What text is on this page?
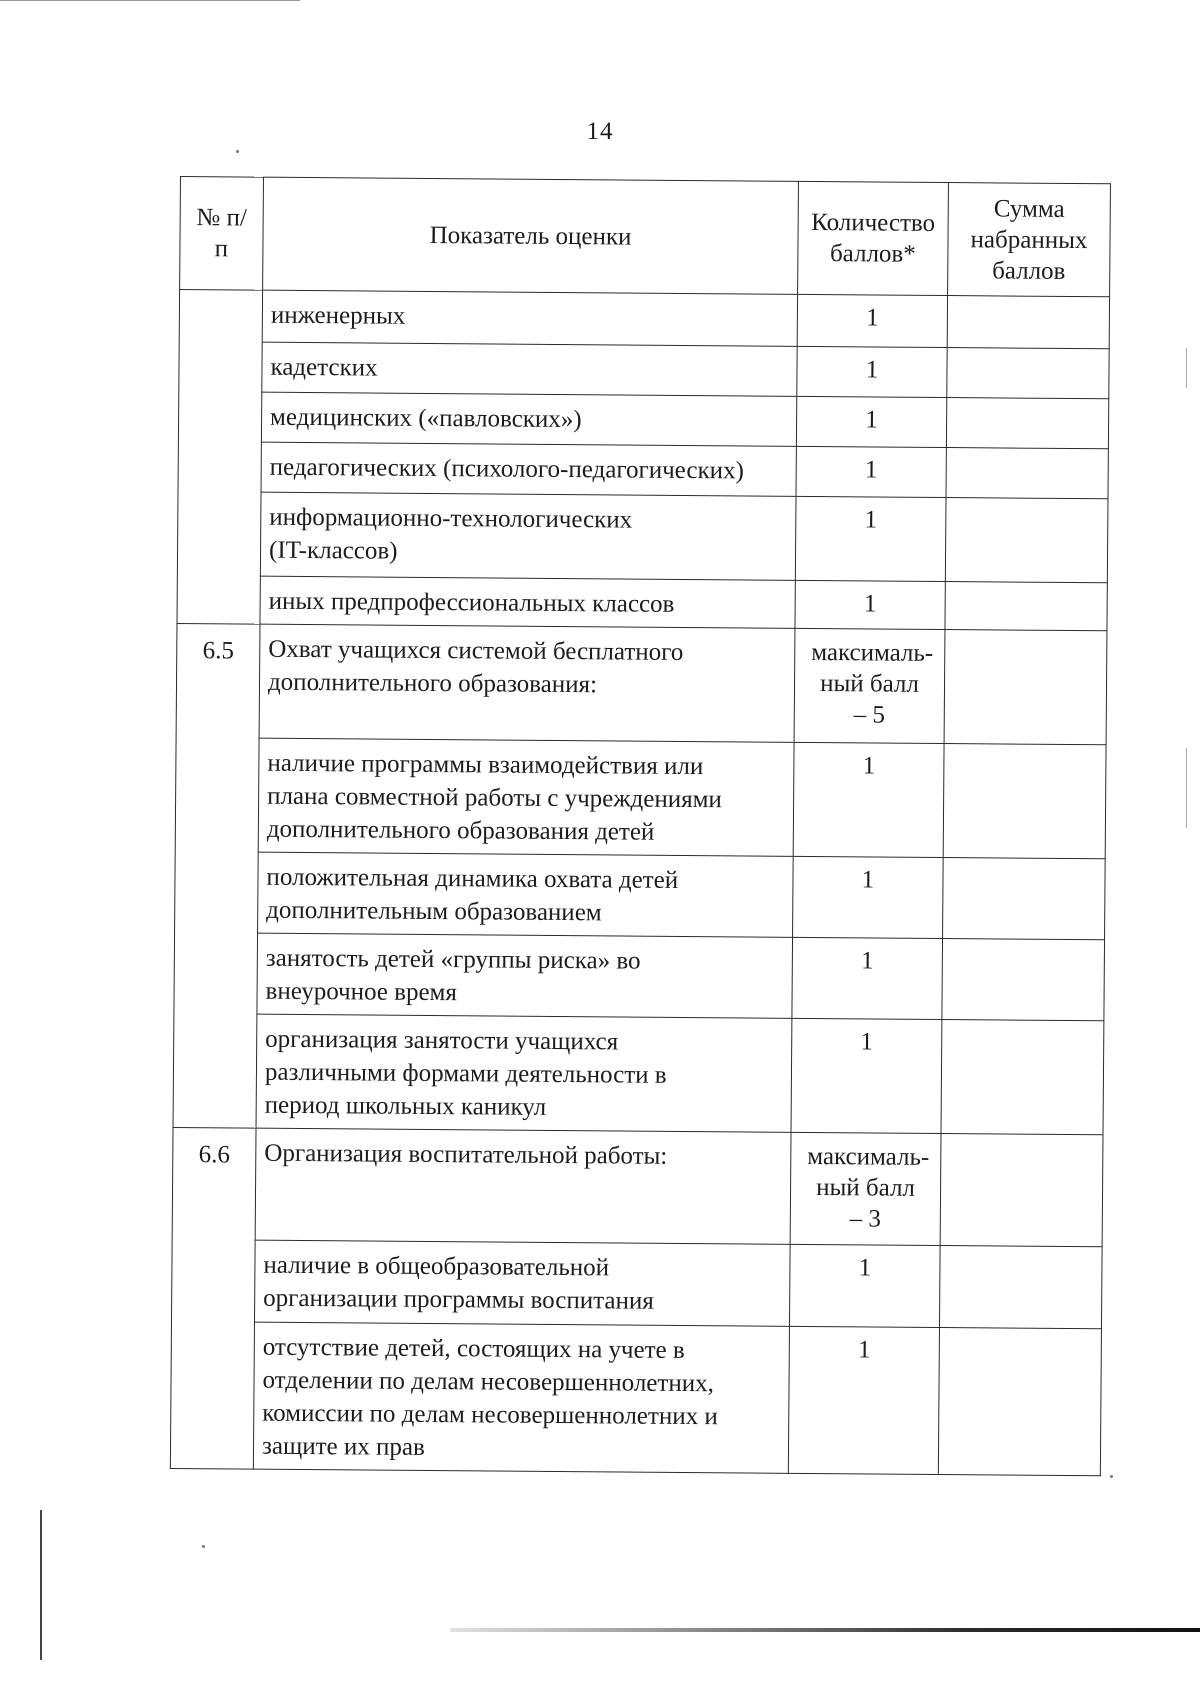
14
№ п/п	Показатель оценки	Количество баллов*	Сумма набранных баллов
	инженерных	1	
	кадетских	1	
	медицинских («павловских»)	1	
	педагогических (психолого-педагогических)	1	
	информационно-технологических (IT-классов)	1	
	иных предпрофессиональных классов	1	
6.5	Охват учащихся системой бесплатного дополнительного образования:	максималь-ный балл – 5	
	наличие программы взаимодействия или плана совместной работы с учреждениями дополнительного образования детей	1	
	положительная динамика охвата детей дополнительным образованием	1	
	занятость детей «группы риска» во внеурочное время	1	
	организация занятости учащихся различными формами деятельности в период школьных каникул	1	
6.6	Организация воспитательной работы:	максималь-ный балл – 3	
	наличие в общеобразовательной организации программы воспитания	1	
	отсутствие детей, состоящих на учете в отделении по делам несовершеннолетних, комиссии по делам несовершеннолетних и защите их прав	1	
